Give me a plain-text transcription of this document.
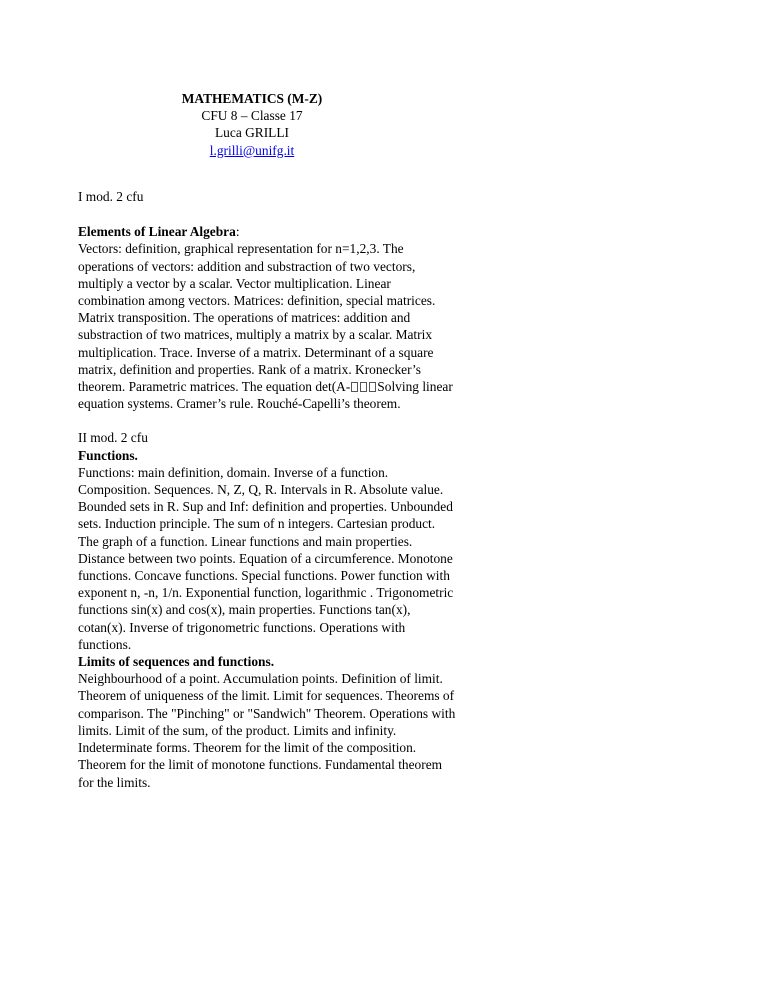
MATHEMATICS (M-Z)
CFU 8 – Classe 17
Luca GRILLI
l.grilli@unifg.it

I mod. 2 cfu

Elements of Linear Algebra:

Vectors: definition, graphical representation for n=1,2,3. The operations of vectors: addition and substraction of two vectors, multiply a vector by a scalar. Vector multiplication. Linear combination among vectors. Matrices: definition, special matrices. Matrix transposition. The operations of matrices: addition and substraction of two matrices, multiply a matrix by a scalar. Matrix multiplication. Trace. Inverse of a matrix. Determinant of a square matrix, definition and properties. Rank of a matrix. Kronecker’s theorem. Parametric matrices. The equation det(A- Solving linear equation systems. Cramer’s rule. Rouché-Capelli’s theorem.

II mod. 2 cfu

Functions.

Functions: main definition, domain. Inverse of a function. Composition. Sequences. N, Z, Q, R. Intervals in R. Absolute value. Bounded sets in R. Sup and Inf: definition and properties. Unbounded sets. Induction principle. The sum of n integers. Cartesian product. The graph of a function. Linear functions and main properties. Distance between two points. Equation of a circumference. Monotone functions. Concave functions. Special functions. Power function with exponent n, -n, 1/n. Exponential function, logarithmic . Trigonometric functions sin(x) and cos(x), main properties. Functions tan(x), cotan(x). Inverse of trigonometric functions. Operations with functions.

Limits of sequences and functions.

Neighbourhood of a point. Accumulation points. Definition of limit. Theorem of uniqueness of the limit. Limit for sequences. Theorems of comparison. The "Pinching" or "Sandwich" Theorem. Operations with limits. Limit of the sum, of the product. Limits and infinity. Indeterminate forms. Theorem for the limit of the composition. Theorem for the limit of monotone functions. Fundamental theorem for the limits.
